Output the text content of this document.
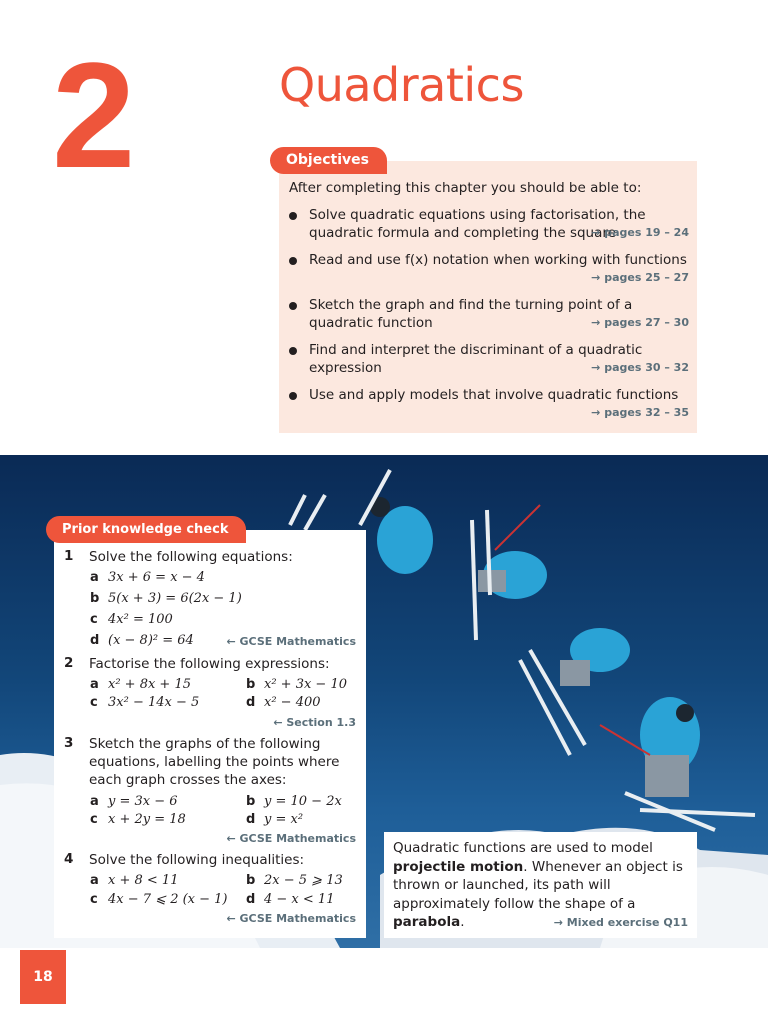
2	Quadratics
After completing this chapter you should be able to:
Solve quadratic equations using factorisation, the quadratic formula and completing the square
→ pages 19 – 24
Read and use f(x) notation when working with functions
→ pages 25 – 27
Sketch the graph and find the turning point of a quadratic function	→ pages 27 – 30
Find and interpret the discriminant of a quadratic expression	→ pages 30 – 32
Use and apply models that involve quadratic functions
→ pages 32 – 35
Objectives
1 Solve the following equations:
a 3x + 6 = x − 4
b 5(x + 3) = 6(2x − 1)
c 4x² = 100
d (x − 8)² = 64	← GCSE Mathematics
2 Factorise the following expressions:
a x² + 8x + 15	b x² + 3x − 10
c 3x² − 14x − 5	d x² − 400
← Section 1.3
3 Sketch the graphs of the following equations, labelling the points where each graph crosses the axes:
a y = 3x − 6	b y = 10 − 2x
c x + 2y = 18	d y = x²
← GCSE Mathematics
4 Solve the following inequalities:
a x + 8 < 11	b 2x − 5 ⩾ 13
c 4x − 7 ⩽ 2 (x − 1) d 4 − x < 11
← GCSE Mathematics
Prior knowledge check
Quadratic functions are used to model projectile motion. Whenever an object is thrown or launched, its path will approximately follow the shape of a parabola.	→ Mixed exercise Q11
18
